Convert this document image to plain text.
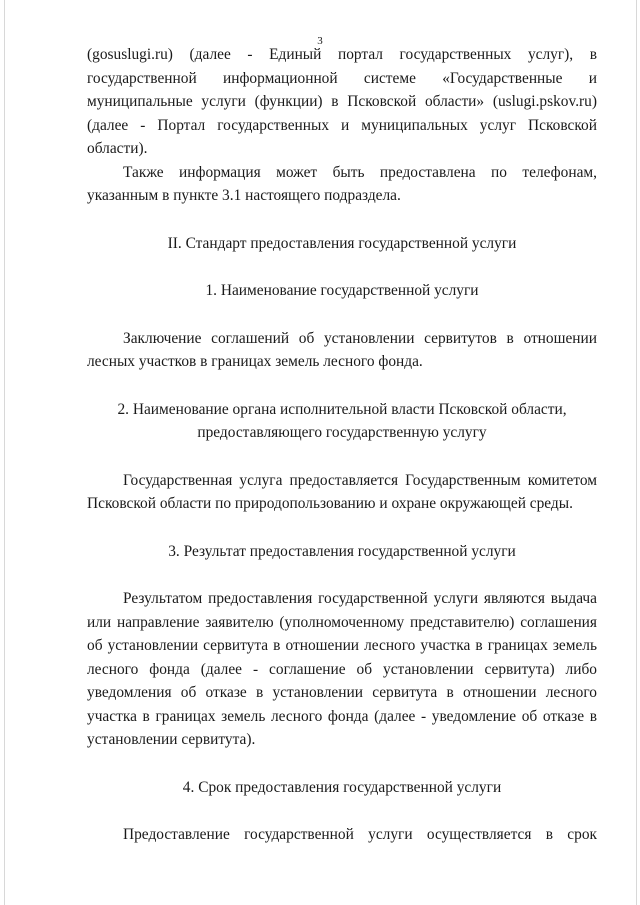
3

(gosuslugi.ru) (далее - Единый портал государственных услуг), в государственной информационной системе «Государственные и муниципальные услуги (функции) в Псковской области» (uslugi.pskov.ru) (далее - Портал государственных и муниципальных услуг Псковской области).

Также информация может быть предоставлена по телефонам, указанным в пункте 3.1 настоящего подраздела.

II. Стандарт предоставления государственной услуги

1. Наименование государственной услуги

Заключение соглашений об установлении сервитутов в отношении лесных участков в границах земель лесного фонда.

2. Наименование органа исполнительной власти Псковской области,

предоставляющего государственную услугу

Государственная услуга предоставляется Государственным комитетом Псковской области по природопользованию и охране окружающей среды.

3. Результат предоставления государственной услуги

Результатом предоставления государственной услуги являются выдача или направление заявителю (уполномоченному представителю) соглашения об установлении сервитута в отношении лесного участка в границах земель лесного фонда (далее - соглашение об установлении сервитута) либо уведомления об отказе в установлении сервитута в отношении лесного участка в границах земель лесного фонда (далее - уведомление об отказе в установлении сервитута).

4. Срок предоставления государственной услуги

Предоставление государственной услуги осуществляется в срок
